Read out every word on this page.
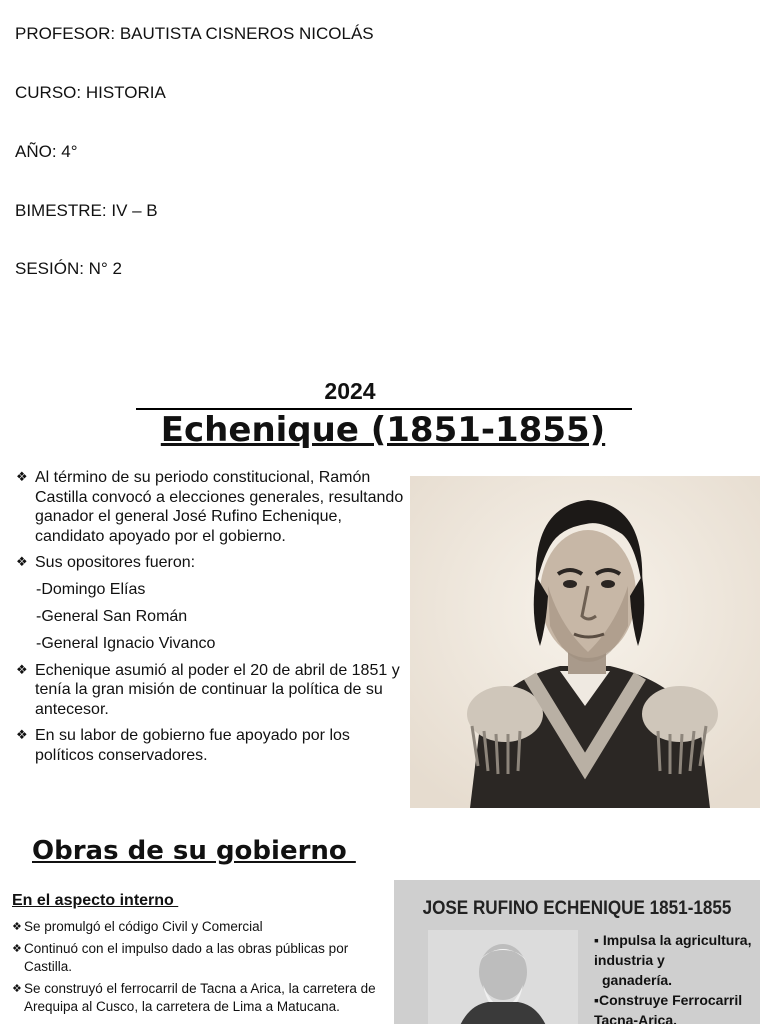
PROFESOR: BAUTISTA CISNEROS NICOLÁS

CURSO: HISTORIA

AÑO: 4°

BIMESTRE: IV – B

SESIÓN: N° 2

2024
Echenique (1851-1855)
❖ Al término de su periodo constitucional, Ramón Castilla convocó a elecciones generales, resultando ganador el general José Rufino Echenique, candidato apoyado por el gobierno.
❖ Sus opositores fueron:
-Domingo Elías
-General San Román
-General Ignacio Vivanco
❖ Echenique asumió al poder el 20 de abril de 1851 y tenía la gran misión de continuar la política de su antecesor.
❖ En su labor de gobierno fue apoyado por los políticos conservadores.
Obras de su gobierno
En el aspecto interno
❖ Se promulgó el código Civil y Comercial
❖ Continuó con el impulso dado a las obras públicas por Castilla.
❖ Se construyó el ferrocarril de Tacna a Arica, la carretera de Arequipa al Cusco, la carretera de Lima a Matucana.
JOSE RUFINO ECHENIQUE 1851-1855
▪ Impulsa la agricultura, industria y
ganadería.
▪Construye Ferrocarril
Tacna-Arica.
